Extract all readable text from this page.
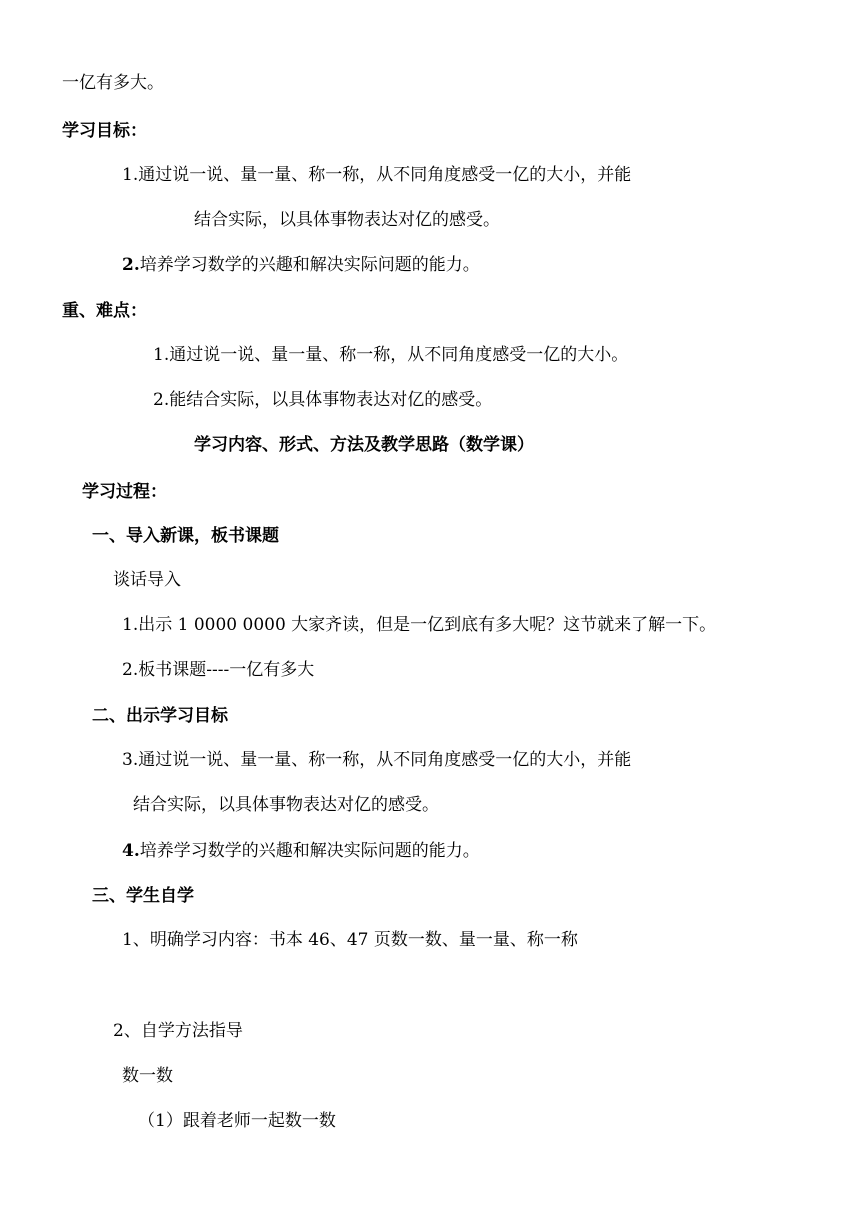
一亿有多大。
学习目标：
1.通过说一说、量一量、称一称，从不同角度感受一亿的大小，并能
结合实际，以具体事物表达对亿的感受。
2.培养学习数学的兴趣和解决实际问题的能力。
重、难点：
1.通过说一说、量一量、称一称，从不同角度感受一亿的大小。
2.能结合实际，以具体事物表达对亿的感受。
学习内容、形式、方法及教学思路（数学课）
学习过程：
一、导入新课，板书课题
谈话导入
1.出示 1 0000 0000 大家齐读，但是一亿到底有多大呢？这节就来了解一下。
2.板书课题----一亿有多大
二、出示学习目标
3.通过说一说、量一量、称一称，从不同角度感受一亿的大小，并能
结合实际，以具体事物表达对亿的感受。
4.培养学习数学的兴趣和解决实际问题的能力。
三、学生自学
1、明确学习内容：书本 46、47 页数一数、量一量、称一称
2、自学方法指导
数一数
（1）跟着老师一起数一数
